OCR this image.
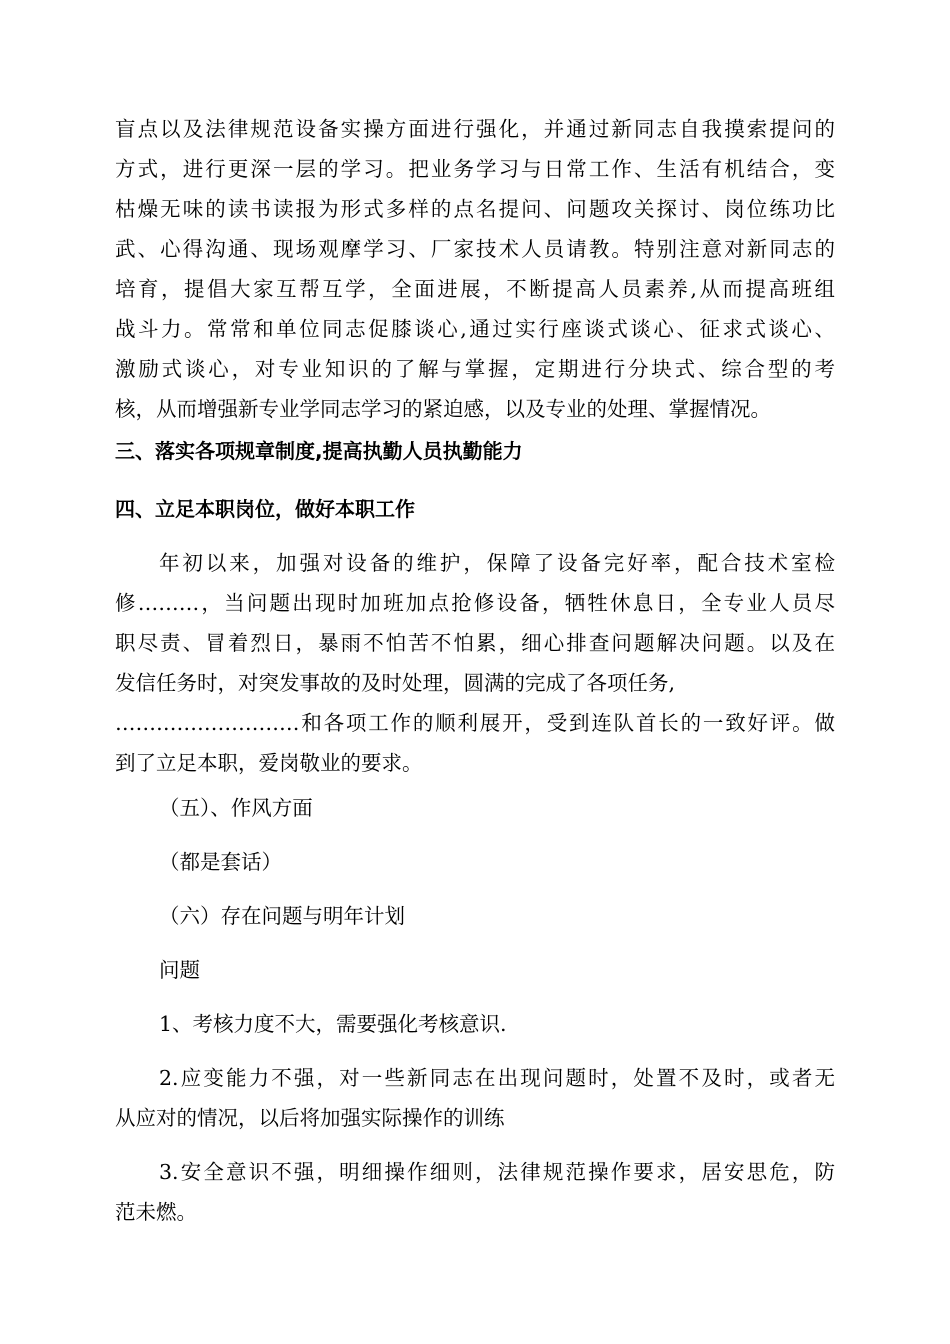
盲点以及法律规范设备实操方面进行强化，并通过新同志自我摸索提问的
方式，进行更深一层的学习。把业务学习与日常工作、生活有机结合，变
枯燥无味的读书读报为形式多样的点名提问、问题攻关探讨、岗位练功比
武、心得沟通、现场观摩学习、厂家技术人员请教。特别注意对新同志的
培育，提倡大家互帮互学，全面进展，不断提高人员素养,从而提高班组
战斗力。常常和单位同志促膝谈心,通过实行座谈式谈心、征求式谈心、
激励式谈心，对专业知识的了解与掌握，定期进行分块式、综合型的考
核，从而增强新专业学同志学习的紧迫感，以及专业的处理、掌握情况。
三、落实各项规章制度,提高执勤人员执勤能力
四、立足本职岗位，做好本职工作
年初以来，加强对设备的维护，保障了设备完好率，配合技术室检
修………，当问题出现时加班加点抢修设备，牺牲休息日，全专业人员尽
职尽责、冒着烈日，暴雨不怕苦不怕累，细心排查问题解决问题。以及在
发信任务时，对突发事故的及时处理，圆满的完成了各项任务,
………………………和各项工作的顺利展开，受到连队首长的一致好评。做
到了立足本职，爱岗敬业的要求。
（五）、作风方面
（都是套话）
（六）存在问题与明年计划
问题
1、考核力度不大，需要强化考核意识.
2.应变能力不强，对一些新同志在出现问题时，处置不及时，或者无
从应对的情况，以后将加强实际操作的训练
3.安全意识不强，明细操作细则，法律规范操作要求，居安思危，防
范未燃。
